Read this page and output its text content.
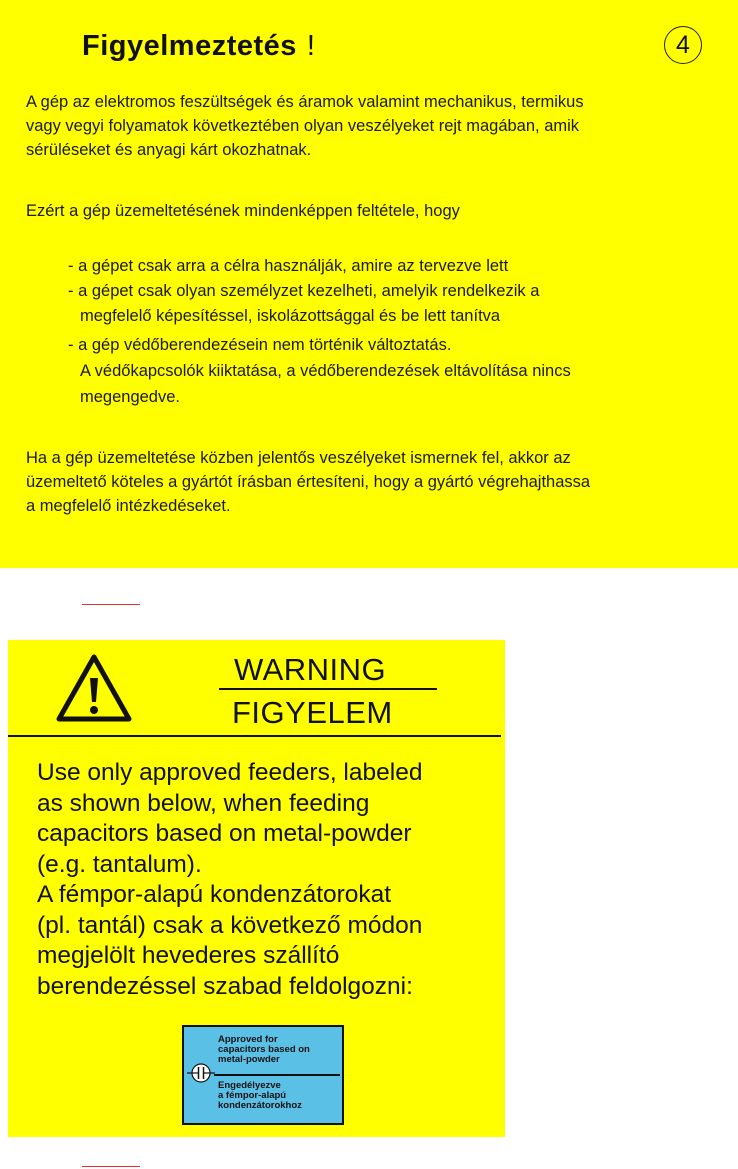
Figyelmeztetés !	4
A gép az elektromos feszültségek és áramok valamint mechanikus, termikus
vagy vegyi folyamatok következtében olyan veszélyeket rejt magában, amik
sérüléseket és anyagi kárt okozhatnak.
Ezért a gép üzemeltetésének mindenképpen feltétele, hogy
- a gépet csak arra a célra használják, amire az tervezve lett
- a gépet csak olyan személyzet kezelheti, amelyik rendelkezik a
megfelelő képesítéssel, iskolázottsággal és be lett tanítva
- a gép védőberendezésein nem történik változtatás.
A védőkapcsolók kiiktatása, a védőberendezések eltávolítása nincs
megengedve.
Ha a gép üzemeltetése közben jelentős veszélyeket ismernek fel, akkor az
üzemeltető köteles a gyártót írásban értesíteni, hogy a gyártó végrehajthassa
a megfelelő intézkedéseket.
WARNING
FIGYELEM
Use only approved feeders, labeled
as shown below, when feeding
capacitors based on metal-powder
(e.g. tantalum).
A fémpor-alapú kondenzátorokat
(pl. tantál) csak a következő módon
megjelölt hevederes szállító
berendezéssel szabad feldolgozni:
Approved for
capacitors based on
metal-powder
Engedélyezve
a fémpor-alapú
kondenzátorokhoz
